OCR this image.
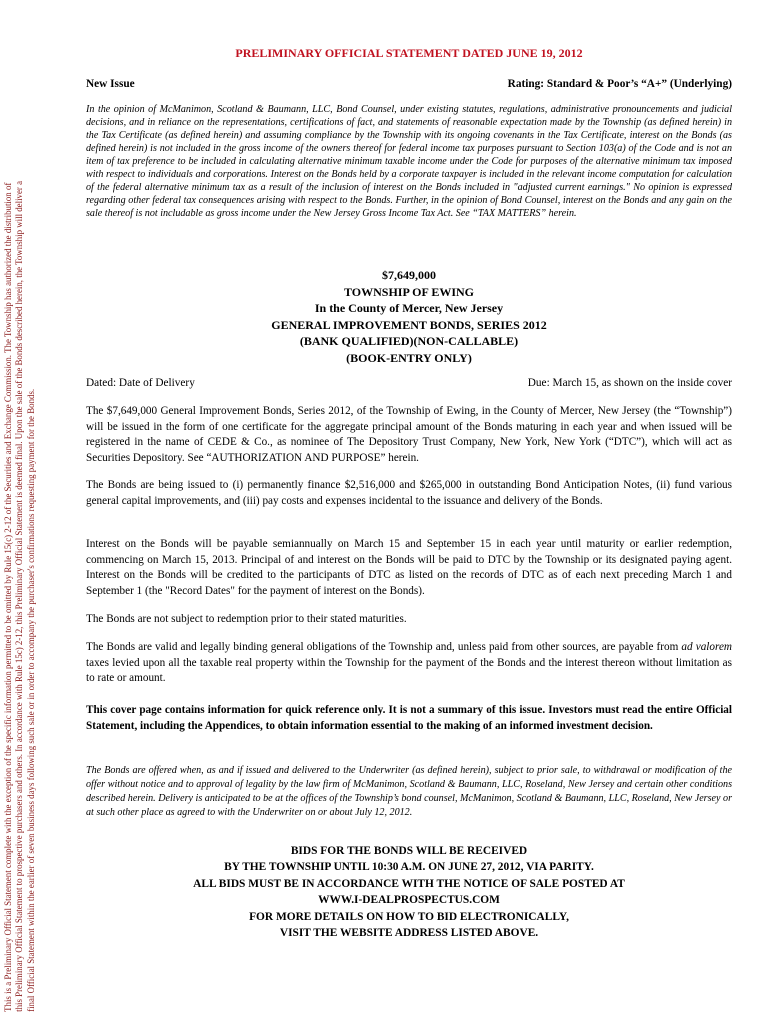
This is a Preliminary Official Statement complete with the exception of the specific information permitted to be omitted by Rule 15(c) 2-12 of the Securities and Exchange Commission. The Township has authorized the distribution of this Preliminary Official Statement to prospective purchasers and others. In accordance with Rule 15c) 2-12, this Preliminary Official Statement is deemed final. Upon the sale of the Bonds described herein, the Township will deliver a final Official Statement within the earlier of seven business days following such sale or in order to accompany the purchaser's confirmations requesting payment for the Bonds.
PRELIMINARY OFFICIAL STATEMENT DATED JUNE 19, 2012
New Issue	Rating: Standard & Poor’s “A+” (Underlying)
In the opinion of McManimon, Scotland & Baumann, LLC, Bond Counsel, under existing statutes, regulations, administrative pronouncements and judicial decisions, and in reliance on the representations, certifications of fact, and statements of reasonable expectation made by the Township (as defined herein) in the Tax Certificate (as defined herein) and assuming compliance by the Township with its ongoing covenants in the Tax Certificate, interest on the Bonds (as defined herein) is not included in the gross income of the owners thereof for federal income tax purposes pursuant to Section 103(a) of the Code and is not an item of tax preference to be included in calculating alternative minimum taxable income under the Code for purposes of the alternative minimum tax imposed with respect to individuals and corporations. Interest on the Bonds held by a corporate taxpayer is included in the relevant income computation for calculation of the federal alternative minimum tax as a result of the inclusion of interest on the Bonds included in "adjusted current earnings." No opinion is expressed regarding other federal tax consequences arising with respect to the Bonds. Further, in the opinion of Bond Counsel, interest on the Bonds and any gain on the sale thereof is not includable as gross income under the New Jersey Gross Income Tax Act. See “TAX MATTERS” herein.
$7,649,000
TOWNSHIP OF EWING
In the County of Mercer, New Jersey
GENERAL IMPROVEMENT BONDS, SERIES 2012
(BANK QUALIFIED)(NON-CALLABLE)
(BOOK-ENTRY ONLY)
Dated: Date of Delivery	Due: March 15, as shown on the inside cover
The $7,649,000 General Improvement Bonds, Series 2012, of the Township of Ewing, in the County of Mercer, New Jersey (the “Township”) will be issued in the form of one certificate for the aggregate principal amount of the Bonds maturing in each year and when issued will be registered in the name of CEDE & Co., as nominee of The Depository Trust Company, New York, New York (“DTC”), which will act as Securities Depository. See “AUTHORIZATION AND PURPOSE” herein.
The Bonds are being issued to (i) permanently finance $2,516,000 and $265,000 in outstanding Bond Anticipation Notes, (ii) fund various general capital improvements, and (iii) pay costs and expenses incidental to the issuance and delivery of the Bonds.
Interest on the Bonds will be payable semiannually on March 15 and September 15 in each year until maturity or earlier redemption, commencing on March 15, 2013. Principal of and interest on the Bonds will be paid to DTC by the Township or its designated paying agent. Interest on the Bonds will be credited to the participants of DTC as listed on the records of DTC as of each next preceding March 1 and September 1 (the "Record Dates" for the payment of interest on the Bonds).
The Bonds are not subject to redemption prior to their stated maturities.
The Bonds are valid and legally binding general obligations of the Township and, unless paid from other sources, are payable from ad valorem taxes levied upon all the taxable real property within the Township for the payment of the Bonds and the interest thereon without limitation as to rate or amount.
This cover page contains information for quick reference only. It is not a summary of this issue. Investors must read the entire Official Statement, including the Appendices, to obtain information essential to the making of an informed investment decision.
The Bonds are offered when, as and if issued and delivered to the Underwriter (as defined herein), subject to prior sale, to withdrawal or modification of the offer without notice and to approval of legality by the law firm of McManimon, Scotland & Baumann, LLC, Roseland, New Jersey and certain other conditions described herein. Delivery is anticipated to be at the offices of the Township’s bond counsel, McManimon, Scotland & Baumann, LLC, Roseland, New Jersey or at such other place as agreed to with the Underwriter on or about July 12, 2012.
BIDS FOR THE BONDS WILL BE RECEIVED
BY THE TOWNSHIP UNTIL 10:30 A.M. ON JUNE 27, 2012, VIA PARITY.
ALL BIDS MUST BE IN ACCORDANCE WITH THE NOTICE OF SALE POSTED AT
WWW.I-DEALPROSPECTUS.COM
FOR MORE DETAILS ON HOW TO BID ELECTRONICALLY,
VISIT THE WEBSITE ADDRESS LISTED ABOVE.
